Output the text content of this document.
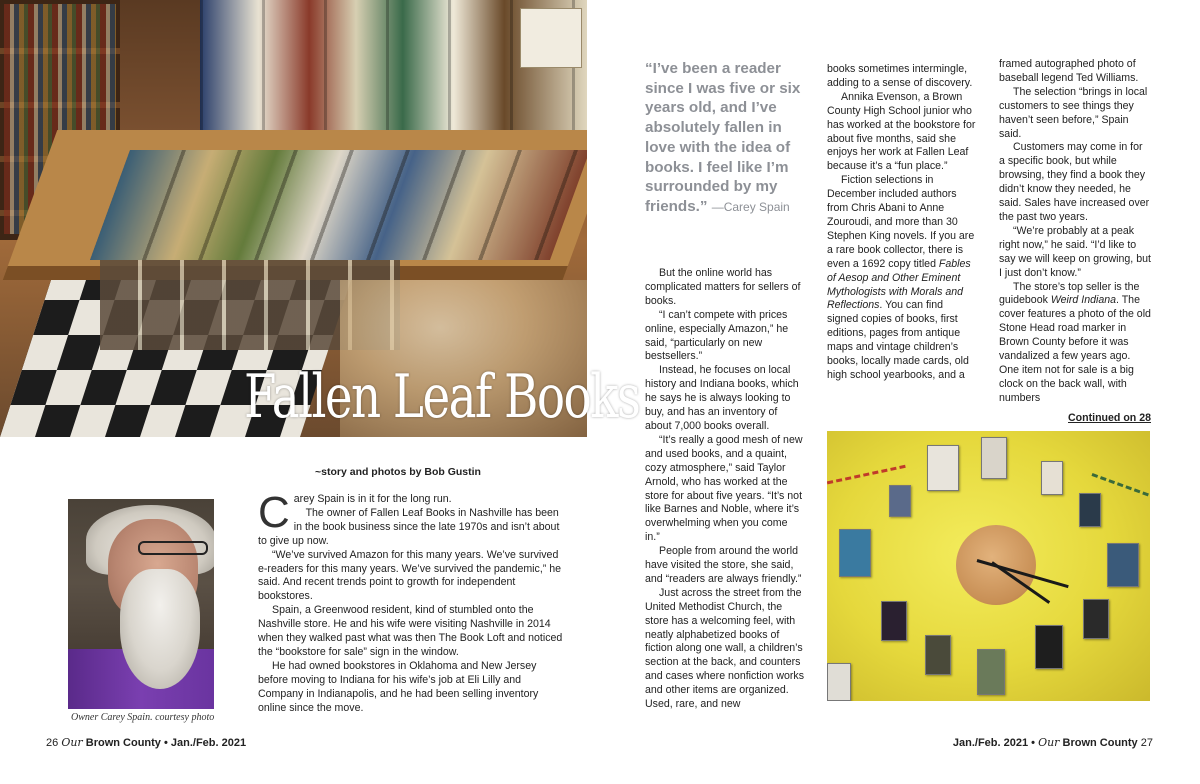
Fallen Leaf Books
~story and photos by Bob Gustin
Owner Carey Spain. courtesy photo

Carey Spain is in it for the long run.
The owner of Fallen Leaf Books in Nashville has been in the book business since the late 1970s and isn’t about to give up now.

“We’ve survived Amazon for this many years. We’ve survived e-readers for this many years. We’ve survived the pandemic,” he said. And recent trends point to growth for independent bookstores.

Spain, a Greenwood resident, kind of stumbled onto the Nashville store. He and his wife were visiting Nashville in 2014 when they walked past what was then The Book Loft and noticed the “bookstore for sale” sign in the window.

He had owned bookstores in Oklahoma and New Jersey before moving to Indiana for his wife’s job at Eli Lilly and Company in Indianapolis, and he had been selling inventory online since the move.

“I’ve been a reader since I was five or six years old, and I’ve absolutely fallen in love with the idea of books. I feel like I’m surrounded by my friends.” —Carey Spain

But the online world has complicated matters for sellers of books.

“I can’t compete with prices online, especially Amazon,” he said, “particularly on new bestsellers.”

Instead, he focuses on local history and Indiana books, which he says he is always looking to buy, and has an inventory of about 7,000 books overall.

“It’s really a good mesh of new and used books, and a quaint, cozy atmosphere,” said Taylor Arnold, who has worked at the store for about five years. “It’s not like Barnes and Noble, where it’s overwhelming when you come in.”

People from around the world have visited the store, she said, and “readers are always friendly.”

Just across the street from the United Methodist Church, the store has a welcoming feel, with neatly alphabetized books of fiction along one wall, a children’s section at the back, and counters and cases where nonfiction works and other items are organized. Used, rare, and new

books sometimes intermingle, adding to a sense of discovery.

Annika Evenson, a Brown County High School junior who has worked at the bookstore for about five months, said she enjoys her work at Fallen Leaf because it’s a “fun place.”

Fiction selections in December included authors from Chris Abani to Anne Zouroudi, and more than 30 Stephen King novels. If you are a rare book collector, there is even a 1692 copy titled Fables of Aesop and Other Eminent Mythologists with Morals and Reflections. You can find signed copies of books, first editions, pages from antique maps and vintage children’s books, locally made cards, old high school yearbooks, and a

framed autographed photo of baseball legend Ted Williams.

The selection “brings in local customers to see things they haven’t seen before,” Spain said.

Customers may come in for a specific book, but while browsing, they find a book they didn’t know they needed, he said. Sales have increased over the past two years.

“We’re probably at a peak right now,” he said. “I’d like to say we will keep on growing, but I just don’t know.”

The store’s top seller is the guidebook Weird Indiana. The cover features a photo of the old Stone Head road marker in Brown County before it was vandalized a few years ago. One item not for sale is a big clock on the back wall, with numbers

Continued on 28
26 Our Brown County • Jan./Feb. 2021	Jan./Feb. 2021 • Our Brown County 27
